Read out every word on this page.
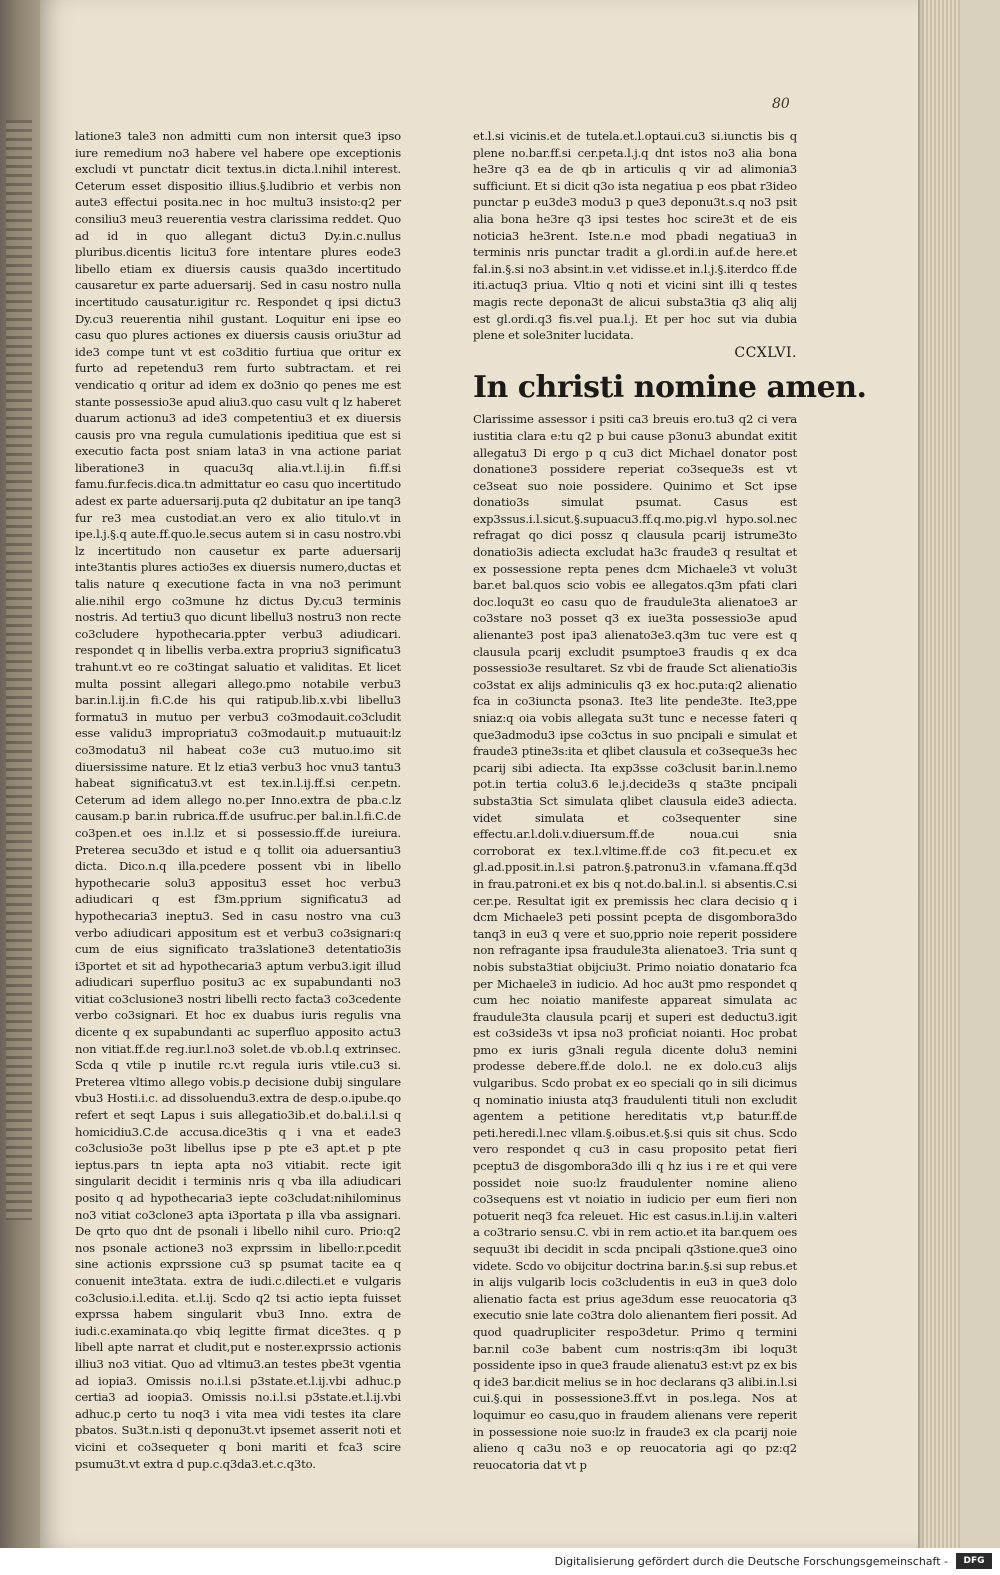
80

latione3 tale3 non admitti cum non intersit que3 ipso iure remedium no3 habere vel habere ope exceptionis excludi vt punctatr dicit textus.in dicta.l.nihil interest. Ceterum esset dispositio illius.§.ludibrio et verbis non aute3 effectui posita.nec in hoc multu3 insisto:q2 per consiliu3 meu3 reuerentia vestra clarissima reddet. Quo ad id in quo allegant dictu3 Dy.in.c.nullus pluribus.dicentis licitu3 fore intentare plures eode3 libello etiam ex diuersis causis qua3do incertitudo causaretur ex parte aduersarij. Sed in casu nostro nulla incertitudo causatur.igitur rc. Respondet q ipsi dictu3 Dy.cu3 reuerentia nihil gustant. Loquitur eni ipse eo casu quo plures actiones ex diuersis causis oriu3tur ad ide3 compe tunt vt est co3ditio furtiua que oritur ex furto ad repetendu3 rem furto subtractam. et rei vendicatio q oritur ad idem ex do3nio qo penes me est stante possessio3e apud aliu3.quo casu vult q lz haberet duarum actionu3 ad ide3 competentiu3 et ex diuersis causis pro vna regula cumulationis ipeditiua que est si executio facta post sniam lata3 in vna actione pariat liberatione3 in quacu3q alia.vt.l.ij.in fi.ff.si famu.fur.fecis.dica.tn admittatur eo casu quo incertitudo adest ex parte aduersarij.puta q2 dubitatur an ipe tanq3 fur re3 mea custodiat.an vero ex alio titulo.vt in ipe.l.j.§.q aute.ff.quo.le.secus autem si in casu nostro.vbi lz incertitudo non causetur ex parte aduersarij inte3tantis plures actio3es ex diuersis numero,ductas et talis nature q executione facta in vna no3 perimunt alie.nihil ergo co3mune hz dictus Dy.cu3 terminis nostris. Ad tertiu3 quo dicunt libellu3 nostru3 non recte co3cludere hypothecaria.ppter verbu3 adiudicari. respondet q in libellis verba.extra propriu3 significatu3 trahunt.vt eo re co3tingat saluatio et validitas. Et licet multa possint allegari allego.pmo notabile verbu3 bar.in.l.ij.in fi.C.de his qui ratipub.lib.x.vbi libellu3 formatu3 in mutuo per verbu3 co3modauit.co3cludit esse validu3 impropriatu3 co3modauit.p mutuauit:lz co3modatu3 nil habeat co3e cu3 mutuo.imo sit diuersissime nature. Et lz etia3 verbu3 hoc vnu3 tantu3 habeat significatu3.vt est tex.in.l.ij.ff.si cer.petn. Ceterum ad idem allego no.per Inno.extra de pba.c.lz causam.p bar.in rubrica.ff.de usufruc.per bal.in.l.fi.C.de co3pen.et oes in.l.lz et si possessio.ff.de iureiura. Preterea secu3do et istud e q tollit oia aduersantiu3 dicta. Dico.n.q illa.pcedere possent vbi in libello hypothecarie solu3 appositu3 esset hoc verbu3 adiudicari q est f3m.pprium significatu3 ad hypothecaria3 ineptu3. Sed in casu nostro vna cu3 verbo adiudicari appositum est et verbu3 co3signari:q cum de eius significato tra3slatione3 detentatio3is i3portet et sit ad hypothecaria3 aptum verbu3.igit illud adiudicari superfluo positu3 ac ex supabundanti no3 vitiat co3clusione3 nostri libelli recto facta3 co3cedente verbo co3signari. Et hoc ex duabus iuris regulis vna dicente q ex supabundanti ac superfluo apposito actu3 non vitiat.ff.de reg.iur.l.no3 solet.de vb.ob.l.q extrinsec. Scda q vtile p inutile rc.vt regula iuris vtile.cu3 si. Preterea vltimo allego vobis.p decisione dubij singulare vbu3 Hosti.i.c. ad dissoluendu3.extra de desp.o.ipube.qo refert et seqt Lapus i suis allegatio3ib.et do.bal.i.l.si q homicidiu3.C.de accusa.dice3tis q i vna et eade3 co3clusio3e po3t libellus ipse p pte e3 apt.et p pte ieptus.pars tn iepta apta no3 vitiabit. recte igit singularit decidit i terminis nris q vba illa adiudicari posito q ad hypothecaria3 iepte co3cludat:nihilominus no3 vitiat co3clone3 apta i3portata p illa vba assignari. De qrto quo dnt de psonali i libello nihil curo. Prio:q2 nos psonale actione3 no3 exprssim in libello:r.pcedit sine actionis exprssione cu3 sp psumat tacite ea q conuenit inte3tata. extra de iudi.c.dilecti.et e vulgaris co3clusio.i.l.edita. et.l.ij. Scdo q2 tsi actio iepta fuisset exprssa habem singularit vbu3 Inno. extra de iudi.c.examinata.qo vbiq legitte firmat dice3tes. q p libell apte narrat et cludit,put e noster.exprssio actionis illiu3 no3 vitiat. Quo ad vltimu3.an testes pbe3t vgentia ad iopia3. Omissis no.i.l.si p3state.et.l.ij.vbi adhuc.p certia3 ad ioopia3. Omissis no.i.l.si p3state.et.l.ij.vbi adhuc.p certo tu noq3 i vita mea vidi testes ita clare pbatos. Su3t.n.isti q deponu3t.vt ipsemet asserit noti et vicini et co3sequeter q boni mariti et fca3 scire psumu3t.vt extra d pup.c.q3da3.et.c.q3to.

et.l.si vicinis.et de tutela.et.l.optaui.cu3 si.iunctis bis q plene no.bar.ff.si cer.peta.l.j.q dnt istos no3 alia bona he3re q3 ea de qb in articulis q vir ad alimonia3 sufficiunt. Et si dicit q3o ista negatiua p eos pbat r3ideo punctar p eu3de3 modu3 p que3 deponu3t.s.q no3 psit alia bona he3re q3 ipsi testes hoc scire3t et de eis noticia3 he3rent. Iste.n.e mod pbadi negatiua3 in terminis nris punctar tradit a gl.ordi.in auf.de here.et fal.in.§.si no3 absint.in v.et vidisse.et in.l.j.§.iterdco ff.de iti.actuq3 priua. Vltio q noti et vicini sint illi q testes magis recte depona3t de alicui substa3tia q3 aliq alij est gl.ordi.q3 fis.vel pua.l.j. Et per hoc sut via dubia plene et sole3niter lucidata.

CCXLVI.
In christi nomine amen.

Clarissime assessor i psiti ca3 breuis ero.tu3 q2 ci vera iustitia clara e:tu q2 p bui cause p3onu3 abundat exitit allegatu3 Di ergo p q cu3 dict Michael donator post donatione3 possidere reperiat co3seque3s est vt ce3seat suo noie possidere. Quinimo et Sct ipse donatio3s simulat psumat. Casus est exp3ssus.i.l.sicut.§.supuacu3.ff.q.mo.pig.vl hypo.sol.nec refragat qo dici possz q clausula pcarij istrume3to donatio3is adiecta excludat ha3c fraude3 q resultat et ex possessione repta penes dcm Michaele3 vt volu3t bar.et bal.quos scio vobis ee allegatos.q3m pfati clari doc.loqu3t eo casu quo de fraudule3ta alienatoe3 ar co3stare no3 posset q3 ex iue3ta possessio3e apud alienante3 post ipa3 alienato3e3.q3m tuc vere est q clausula pcarij excludit psumptoe3 fraudis q ex dca possessio3e resultaret. Sz vbi de fraude Sct alienatio3is co3stat ex alijs adminiculis q3 ex hoc.puta:q2 alienatio fca in co3iuncta psona3. Ite3 lite pende3te. Ite3,ppe sniaz:q oia vobis allegata su3t tunc e necesse fateri q que3admodu3 ipse co3ctus in suo pncipali e simulat et fraude3 ptine3s:ita et qlibet clausula et co3seque3s hec pcarij sibi adiecta. Ita exp3sse co3clusit bar.in.l.nemo pot.in tertia colu3.6 le.j.decide3s q sta3te pncipali substa3tia Sct simulata qlibet clausula eide3 adiecta. videt simulata et co3sequenter sine effectu.ar.l.doli.v.diuersum.ff.de noua.cui snia corroborat ex tex.l.vltime.ff.de co3 fit.pecu.et ex gl.ad.pposit.in.l.si patron.§.patronu3.in v.famana.ff.q3d in frau.patroni.et ex bis q not.do.bal.in.l. si absentis.C.si cer.pe. Resultat igit ex premissis hec clara decisio q i dcm Michaele3 peti possint pcepta de disgombora3do tanq3 in eu3 q vere et suo,pprio noie reperit possidere non refragante ipsa fraudule3ta alienatoe3. Tria sunt q nobis substa3tiat obijciu3t. Primo noiatio donatario fca per Michaele3 in iudicio. Ad hoc au3t pmo respondet q cum hec noiatio manifeste appareat simulata ac fraudule3ta clausula pcarij et superi est deductu3.igit est co3side3s vt ipsa no3 proficiat noianti. Hoc probat pmo ex iuris g3nali regula dicente dolu3 nemini prodesse debere.ff.de dolo.l. ne ex dolo.cu3 alijs vulgaribus. Scdo probat ex eo speciali qo in sili dicimus q nominatio iniusta atq3 fraudulenti tituli non excludit agentem a petitione hereditatis vt,p batur.ff.de peti.heredi.l.nec vllam.§.oibus.et.§.si quis sit chus. Scdo vero respondet q cu3 in casu proposito petat fieri pceptu3 de disgombora3do illi q hz ius i re et qui vere possidet noie suo:lz fraudulenter nomine alieno co3sequens est vt noiatio in iudicio per eum fieri non potuerit neq3 fca releuet. Hic est casus.in.l.ij.in v.alteri a co3trario sensu.C. vbi in rem actio.et ita bar.quem oes sequu3t ibi decidit in scda pncipali q3stione.que3 oino videte. Scdo vo obijcitur doctrina bar.in.§.si sup rebus.et in alijs vulgarib locis co3cludentis in eu3 in que3 dolo alienatio facta est prius age3dum esse reuocatoria q3 executio snie late co3tra dolo alienantem fieri possit. Ad quod quadrupliciter respo3detur. Primo q termini bar.nil co3e babent cum nostris:q3m ibi loqu3t possidente ipso in que3 fraude alienatu3 est:vt pz ex bis q ide3 bar.dicit melius se in hoc declarans q3 alibi.in.l.si cui.§.qui in possessione3.ff.vt in pos.lega. Nos at loquimur eo casu,quo in fraudem alienans vere reperit in possessione noie suo:lz in fraude3 ex cla pcarij noie alieno q ca3u no3 e op reuocatoria agi qo pz:q2 reuocatoria dat vt p

Digitalisierung gefördert durch die Deutsche Forschungsgemeinschaft -	DFG
